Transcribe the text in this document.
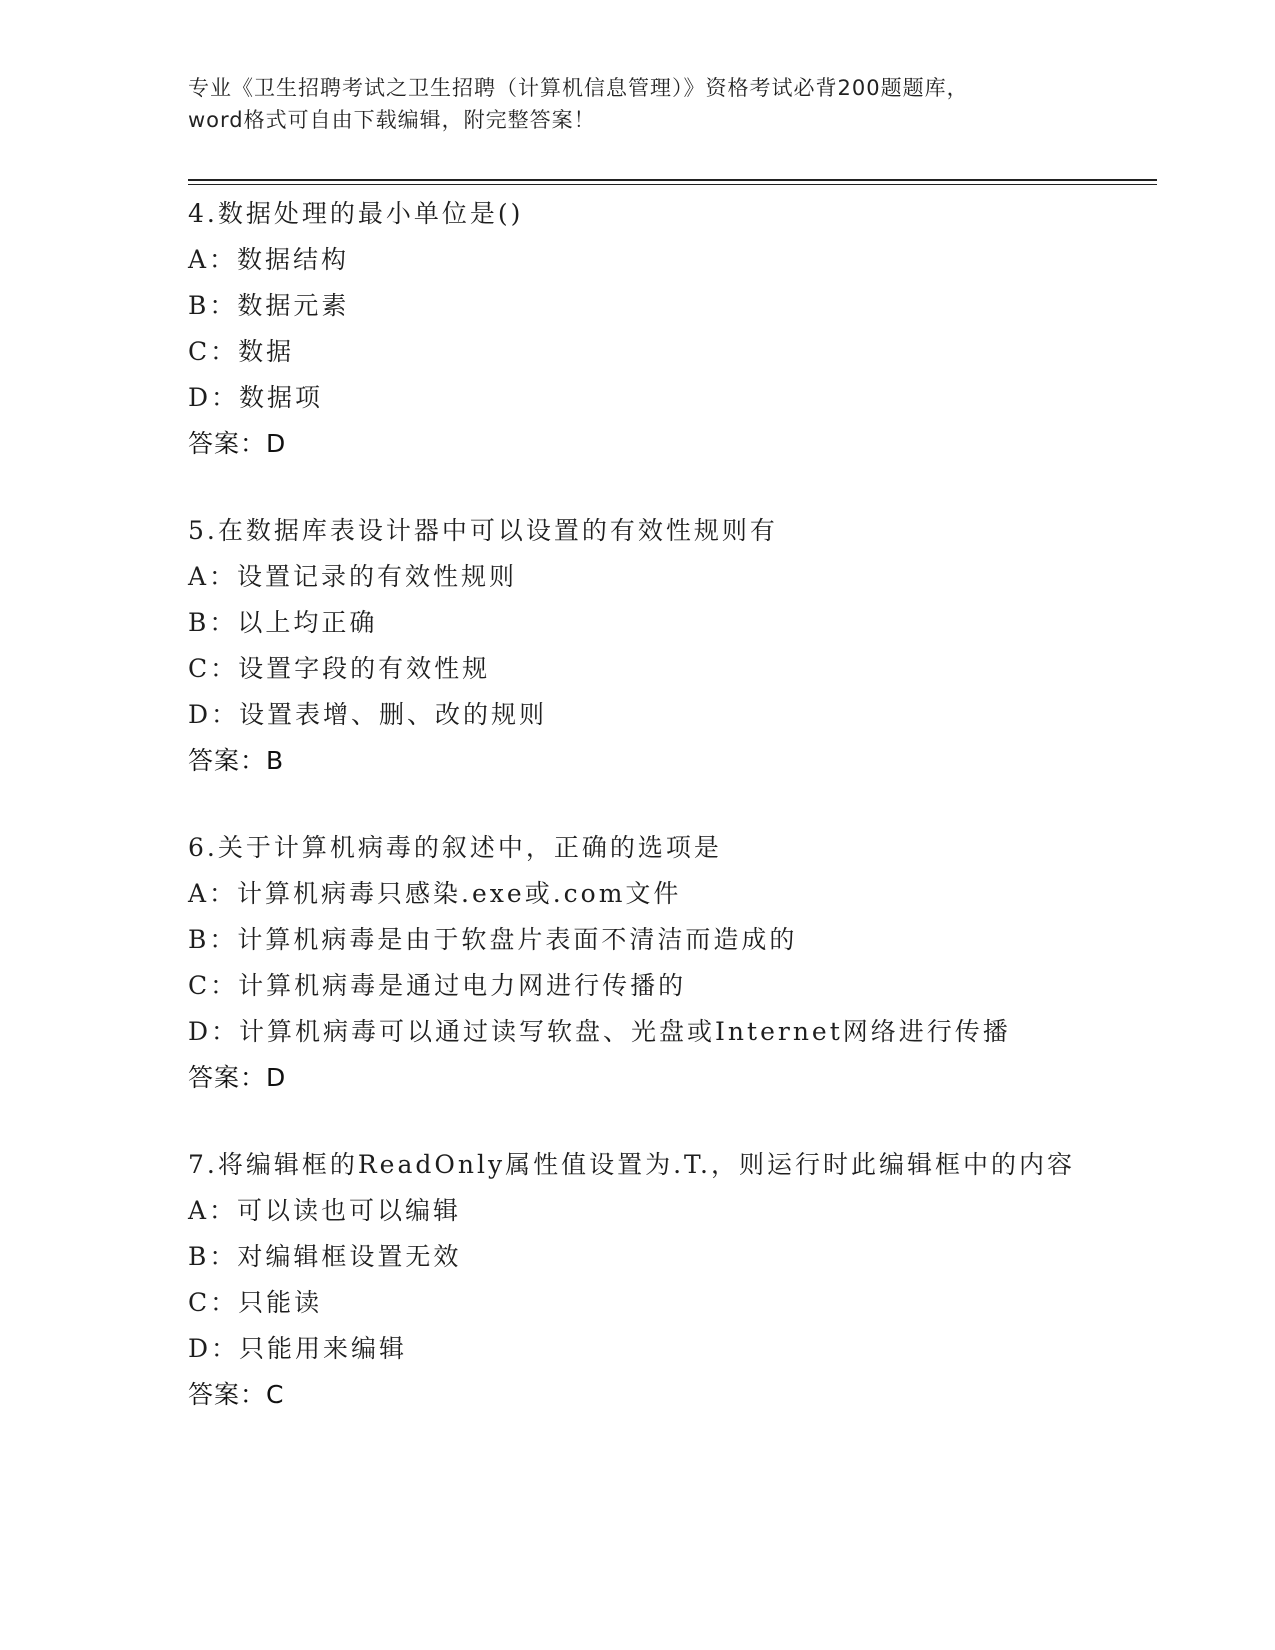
专业《卫生招聘考试之卫生招聘（计算机信息管理）》资格考试必背200题题库，

word格式可自由下载编辑，附完整答案！

4.数据处理的最小单位是()

A：数据结构

B：数据元素

C：数据

D：数据项

答案：D

5.在数据库表设计器中可以设置的有效性规则有

A：设置记录的有效性规则

B：以上均正确

C：设置字段的有效性规

D：设置表增、删、改的规则

答案：B

6.关于计算机病毒的叙述中，正确的选项是

A：计算机病毒只感染.exe或.com文件

B：计算机病毒是由于软盘片表面不清洁而造成的

C：计算机病毒是通过电力网进行传播的

D：计算机病毒可以通过读写软盘、光盘或Internet网络进行传播

答案：D

7.将编辑框的ReadOnly属性值设置为.T.，则运行时此编辑框中的内容

A：可以读也可以编辑

B：对编辑框设置无效

C：只能读

D：只能用来编辑

答案：C
